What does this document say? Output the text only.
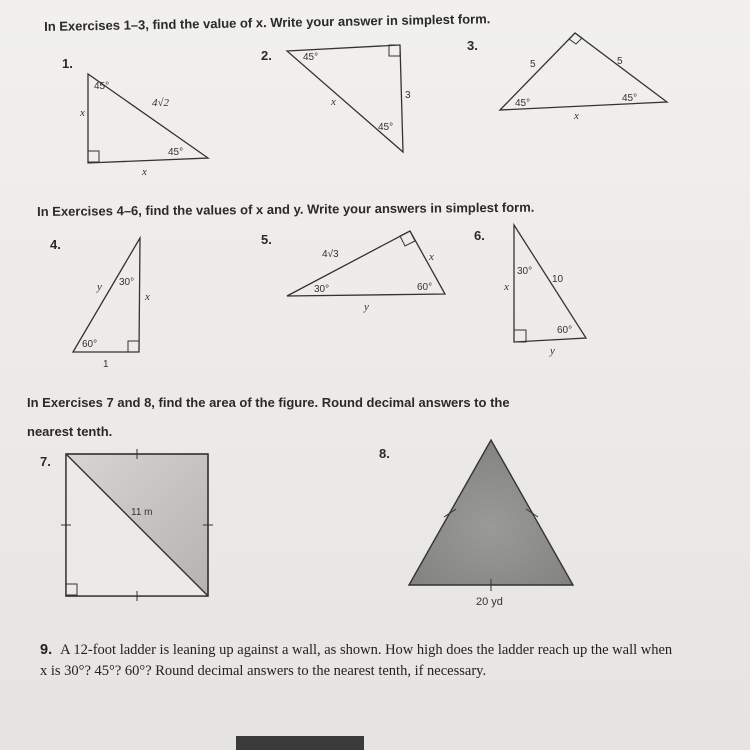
In Exercises 1–3, find the value of x. Write your answer in simplest form.
1.
2.
3.
In Exercises 4–6, find the values of x and y. Write your answers in simplest form.
4.	5.	6.
In Exercises 7 and 8, find the area of the figure. Round decimal answers to the
nearest tenth.
7.
8.
45°
45°
4√2
x
x
45°
45°
3
x
5	5
45°	45°
x
30°
60°
y
x
1
4√3	x
30°	60°
y
30°
60°
10
x
y
11 m
20 yd
9. A 12-foot ladder is leaning up against a wall, as shown. How high does the ladder reach up the wall when x is 30°? 45°? 60°? Round decimal answers to the nearest tenth, if necessary.
